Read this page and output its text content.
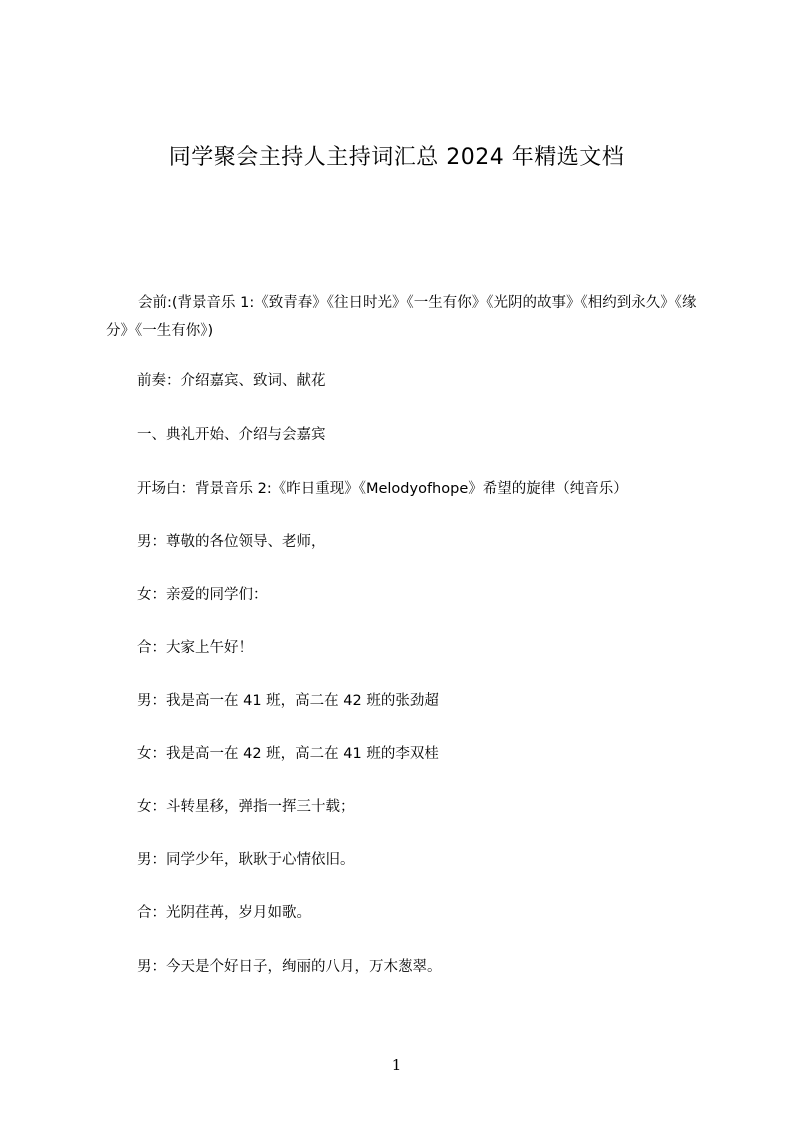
同学聚会主持人主持词汇总 2024 年精选文档

会前:(背景音乐 1:《致青春》《往日时光》《一生有你》《光阴的故事》《相约到永久》《缘分》《一生有你》)

前奏：介绍嘉宾、致词、献花

一、典礼开始、介绍与会嘉宾

开场白：背景音乐 2:《昨日重现》《Melodyofhope》希望的旋律（纯音乐）

男：尊敬的各位领导、老师，

女：亲爱的同学们：

合：大家上午好！

男：我是高一在 41 班，高二在 42 班的张劲超

女：我是高一在 42 班，高二在 41 班的李双桂

女：斗转星移，弹指一挥三十载；

男：同学少年，耿耿于心情依旧。

合：光阴荏苒，岁月如歌。

男：今天是个好日子，绚丽的八月，万木葱翠。

1
